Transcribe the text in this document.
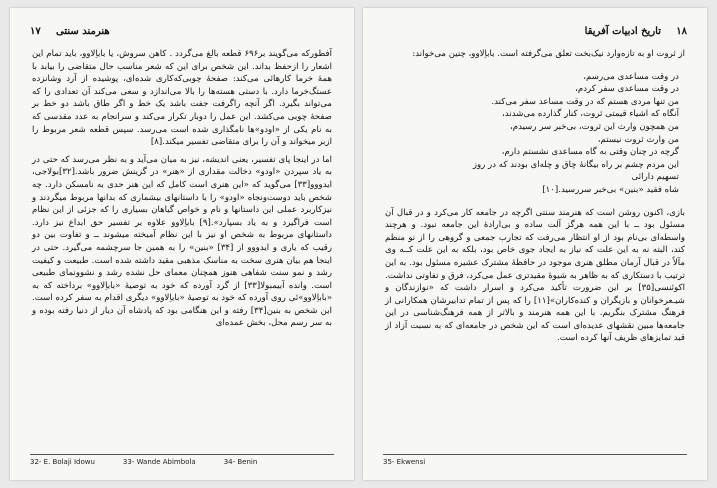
۱۷ هنرمند سنتی

آفطورکه می‌گویند بر۶۹۶ قطعه بالغ می‌گردد . کاهن سروش، یا باباِلاوو، باید تمام این اشعار را ازحفظ بداند. این شخص برای این که شعر مناسب حال متقاضی را بیابد با همهٔ خرما کارهائی می‌کند: صفحهٔ چوبی‌که‌کاری شده‌ای، پوشیده از آرد وشانزده عستگ‌خرما دارد. با دستی هسته‌ها را بالا می‌اندازد و سعی می‌کند آن تعدادی را که می‌تواند بگیرد. اگر آنچه راگرفت جفت باشد یک خط و اگر طاق باشد دو خط بر صفحهٔ چوبی می‌کشد. این عمل را دوبار تکرار می‌کند و سرانجام به عدد مقدسی که به نام یکی از «اودو»ها نامگذاری شده است می‌رسد. سپس قطعه شعر مربوط را ازبر میخواند و آن را برای متقاضی تفسیر میکند.[۸]

اما در اینجا پای تفسیر، یعنی اندیشه، نیز به میان می‌آید و به نظر می‌رسد که حتی در به یاد سپردن «اودو» دخالت مقداری از «هنر» در گزینش ضرور باشد.[۳۲]بولاجی، ایدووو[۳۳] می‌گوید که «این هنری است کامل که این هنر حدی به نامسکن دارد. چه شخص باید دوست‌ونجاه «اودو» را با داستانهای بیشماری که بدانها مربوط میگردند و نیزکاربرد عملی این داستانها و نام و خواص گیاهان بسیاری را که جزئی از این نظام است فراگیرد و به یاد بسپارد».[۹] باباِلاوو علاوه بر تفسیر حق ابداع نیز دارد. داستانهای مربوط به شخص او نیز با این نظام آمیخته میشوند ــ و تفاوت بین دو رقیب که یاری و ایدووو از [۳۴] «بنین» را به همین جا سرچشمه می‌گیرد. حتی در اینجا هم بیان هنری سخت به مناسک مذهبی مقید داشته شده است. طبیعت و کیفیت رشد و نمو سنت شفاهی هنوز همچنان معمای حل نشده رشد و نشوونمای طبیعی است. وانده آبیمبولا[۳۳] از گرد آورده که خود به توصیهٔ «باباِلاوو» برداخته که به «باباِلاوو»ئی روی آورده که خود به توصیهٔ «باباِلاوو» دیگری اقدام به سفر کرده است. این شخص به بنین[۳۴] رفته و این هنگامی بود که پادشاه آن دیار از دنیا رفته بوده و به سر رسم محل، بخش عمده‌ای

32- E. Bolaji Idowu	33- Wande Abimbola	34- Benin
۱۸
تاریخ ادبیات آفریقا

از ثروت او به تازه‌وارد نیک‌بخت تعلق می‌گرفته است. باباِلاوو، چنین می‌خواند:

در وقت مساعدی می‌رسم،
در وقت مساعدی سفر کردم،
من تنها مردی هستم که در وقت مساعد سفر می‌کند.
آنگاه که اشیاء قیمتی ثروت، کنار گذارده می‌شدند،
من همچون وارث این ثروت، بی‌خبر سر رسیدم،
من وارث ثروت نیستم،
گرچه در چنان وقتی به گاه مساعدی نشستم دارم،
این مردم چشم بر راه بیگانهٔ چاق و چله‌ای بودند که در روز
تسهیم دارائی
شاه فقید «بنین» بی‌خبر سررسید.[۱۰]

بازی، اکنون روشن است که هنرمند سنتی اگرچه در جامعه کار می‌کرد و در قبال آن مسئول بود ــ با این همه هرگز آلت ساده و بی‌ارادهٔ این جامعه نبود. و هرچند واسطه‌ای بی‌نام بود از او انتظار می‌رفت که تجارب جمعی و گروهی را از نو منظم کند، البته نه به این علت که نیاز به ایجاد جوی خاص بود، بلکه به این علت کــه وی مآلاً در قبال آرمان مطلق هنری موجود در حافظهٔ مشترک عشیره مسئول بود. به این ترتیب با دستکاری که به ظاهر به شیوهٔ مقیدتری عمل می‌کرد، فرق و تفاوتی نداشت. اکوئنسی[۳۵] بر این ضرورت تأکید می‌کرد و اسرار داشت که «نوازندگان و شیـعرخوانان و بازیگران و کنده‌کاران»[۱۱] را که پس از تمام تدابیرشان همکارانی از فرهنگ مشترک بنگریم. با این همه هنرمند و بالاتر از همه فرهنگ‌شناسی در این جامعه‌ها مبین نقشهای عدیده‌ای است که این شخص در جامعه‌ای که به نسبت آزاد از قید تمایزهای ظریف آنها کرده است.

35- Ekwensi
